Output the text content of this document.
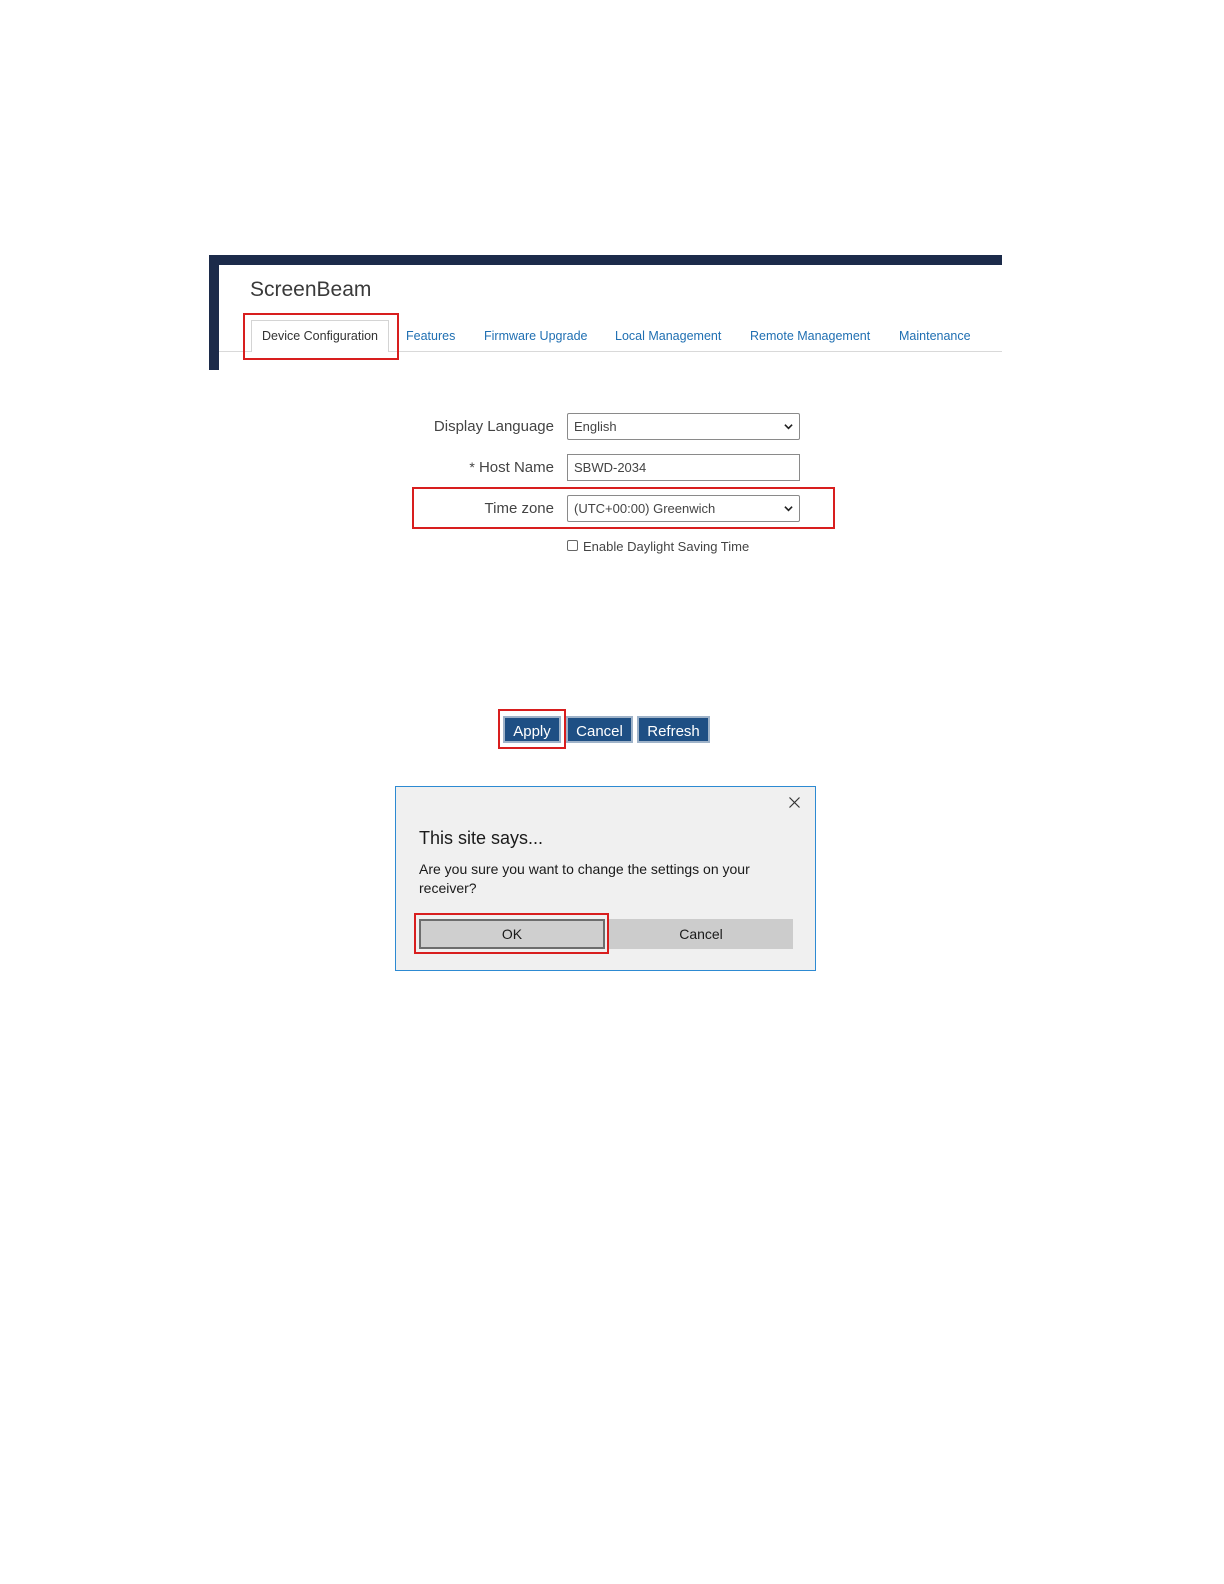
ScreenBeam
Device Configuration	Features Firmware Upgrade Local Management Remote Management Maintenance
Display Language	English
* Host Name	SBWD-2034
Time zone	(UTC+00:00) Greenwich
Enable Daylight Saving Time
Apply	Cancel	Refresh
This site says...
Are you sure you want to change the settings on your receiver?
OK	Cancel
